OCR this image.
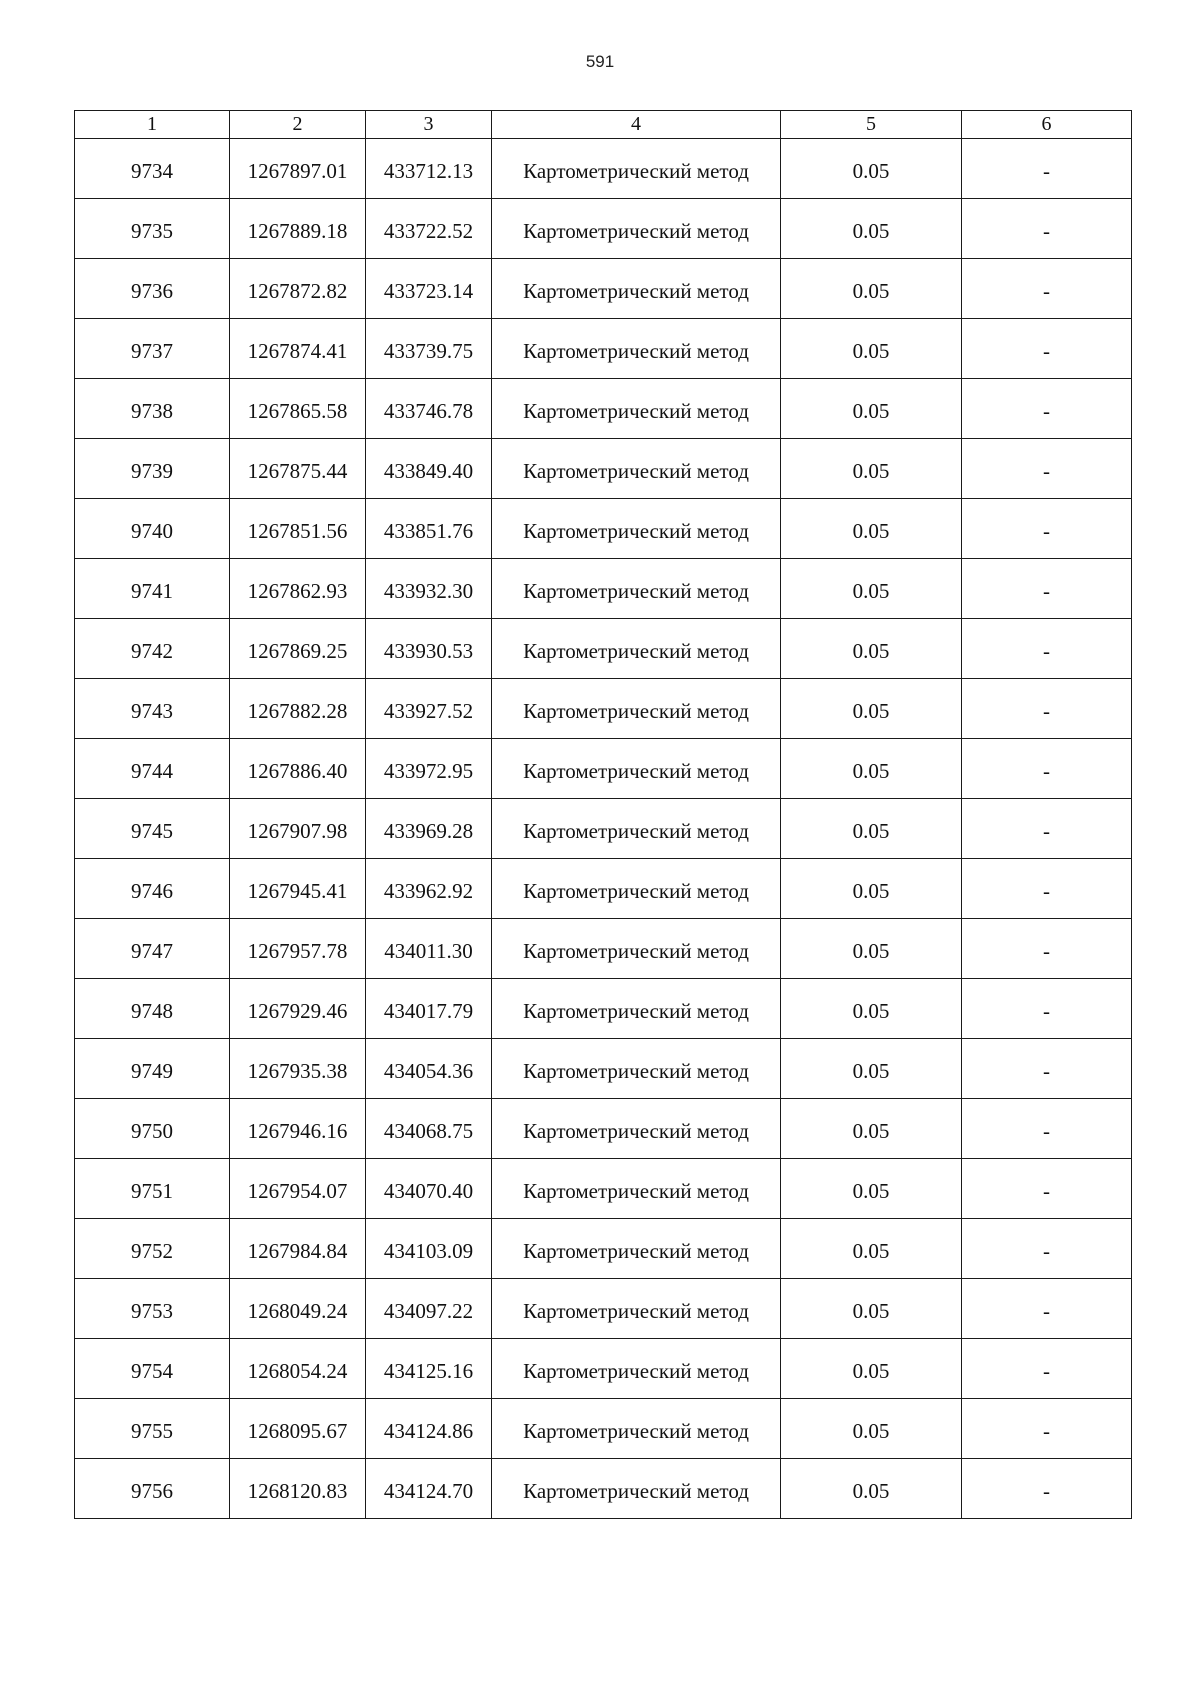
591
1	2	3	4	5	6
9734	1267897.01	433712.13	Картометрический метод	0.05	-
9735	1267889.18	433722.52	Картометрический метод	0.05	-
9736	1267872.82	433723.14	Картометрический метод	0.05	-
9737	1267874.41	433739.75	Картометрический метод	0.05	-
9738	1267865.58	433746.78	Картометрический метод	0.05	-
9739	1267875.44	433849.40	Картометрический метод	0.05	-
9740	1267851.56	433851.76	Картометрический метод	0.05	-
9741	1267862.93	433932.30	Картометрический метод	0.05	-
9742	1267869.25	433930.53	Картометрический метод	0.05	-
9743	1267882.28	433927.52	Картометрический метод	0.05	-
9744	1267886.40	433972.95	Картометрический метод	0.05	-
9745	1267907.98	433969.28	Картометрический метод	0.05	-
9746	1267945.41	433962.92	Картометрический метод	0.05	-
9747	1267957.78	434011.30	Картометрический метод	0.05	-
9748	1267929.46	434017.79	Картометрический метод	0.05	-
9749	1267935.38	434054.36	Картометрический метод	0.05	-
9750	1267946.16	434068.75	Картометрический метод	0.05	-
9751	1267954.07	434070.40	Картометрический метод	0.05	-
9752	1267984.84	434103.09	Картометрический метод	0.05	-
9753	1268049.24	434097.22	Картометрический метод	0.05	-
9754	1268054.24	434125.16	Картометрический метод	0.05	-
9755	1268095.67	434124.86	Картометрический метод	0.05	-
9756	1268120.83	434124.70	Картометрический метод	0.05	-
